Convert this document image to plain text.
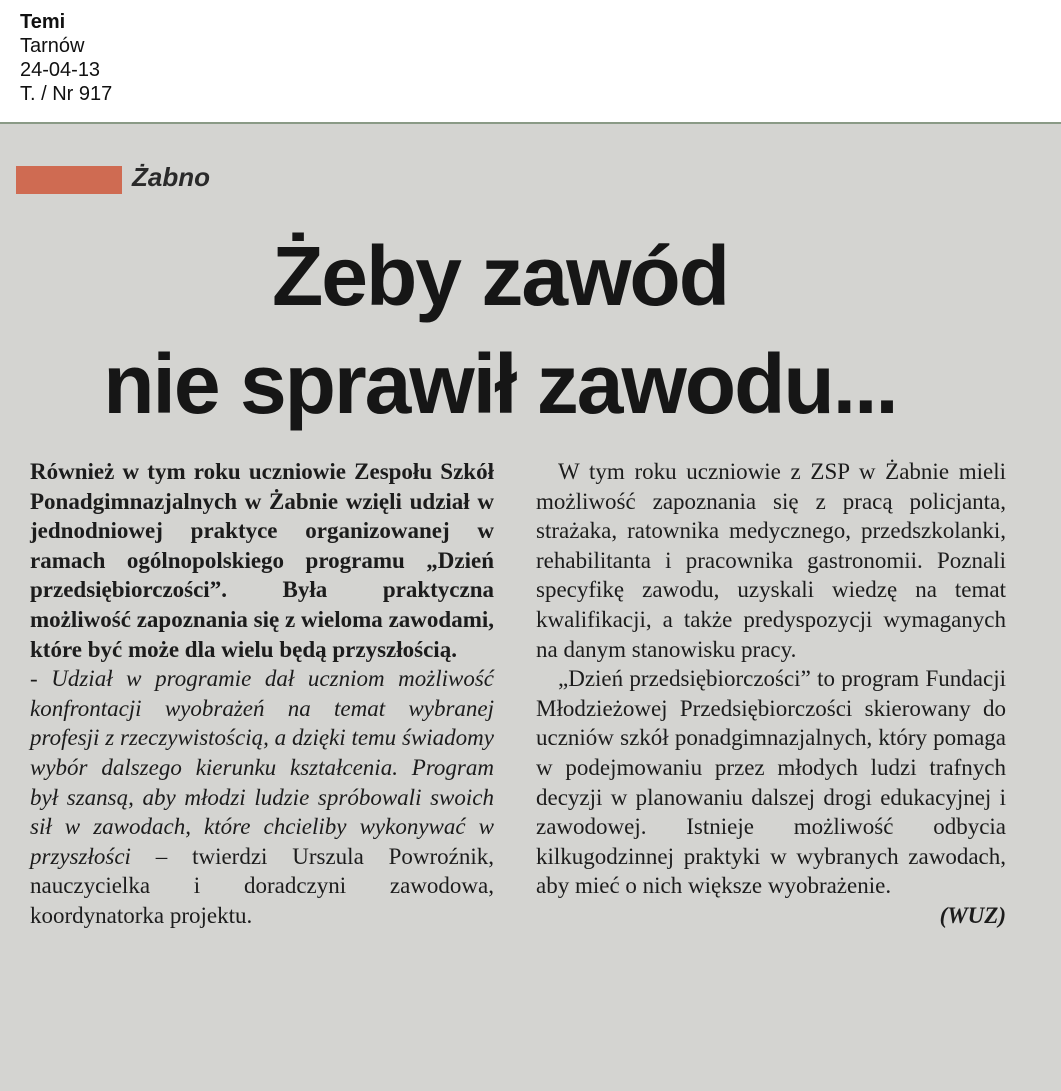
Temi
Tarnów
24-04-13
T. / Nr 917
Żabno
Żeby zawód
nie sprawił zawodu...

Również w tym roku uczniowie Zespołu Szkół Ponadgimnazjalnych w Żabnie wzięli udział w jednodniowej praktyce organizowanej w ramach ogólnopolskiego programu „Dzień przedsiębiorczości”. Była praktyczna możliwość zapoznania się z wieloma zawodami, które być może dla wielu będą przyszłością.

- Udział w programie dał uczniom możliwość konfrontacji wyobrażeń na temat wybranej profesji z rzeczywistością, a dzięki temu świadomy wybór dalszego kierunku kształcenia. Program był szansą, aby młodzi ludzie spróbowali swoich sił w zawodach, które chcieliby wykonywać w przyszłości – twierdzi Urszula Powroźnik, nauczycielka i doradczyni zawodowa, koordynatorka projektu.

W tym roku uczniowie z ZSP w Żabnie mieli możliwość zapoznania się z pracą policjanta, strażaka, ratownika medycznego, przedszkolanki, rehabilitanta i pracownika gastronomii. Poznali specyfikę zawodu, uzyskali wiedzę na temat kwalifikacji, a także predyspozycji wymaganych na danym stanowisku pracy.

„Dzień przedsiębiorczości” to program Fundacji Młodzieżowej Przedsiębiorczości skierowany do uczniów szkół ponadgimnazjalnych, który pomaga w podejmowaniu przez młodych ludzi trafnych decyzji w planowaniu dalszej drogi edukacyjnej i zawodowej. Istnieje możliwość odbycia kilkugodzinnej praktyki w wybranych zawodach, aby mieć o nich większe wyobrażenie.

(WUZ)
